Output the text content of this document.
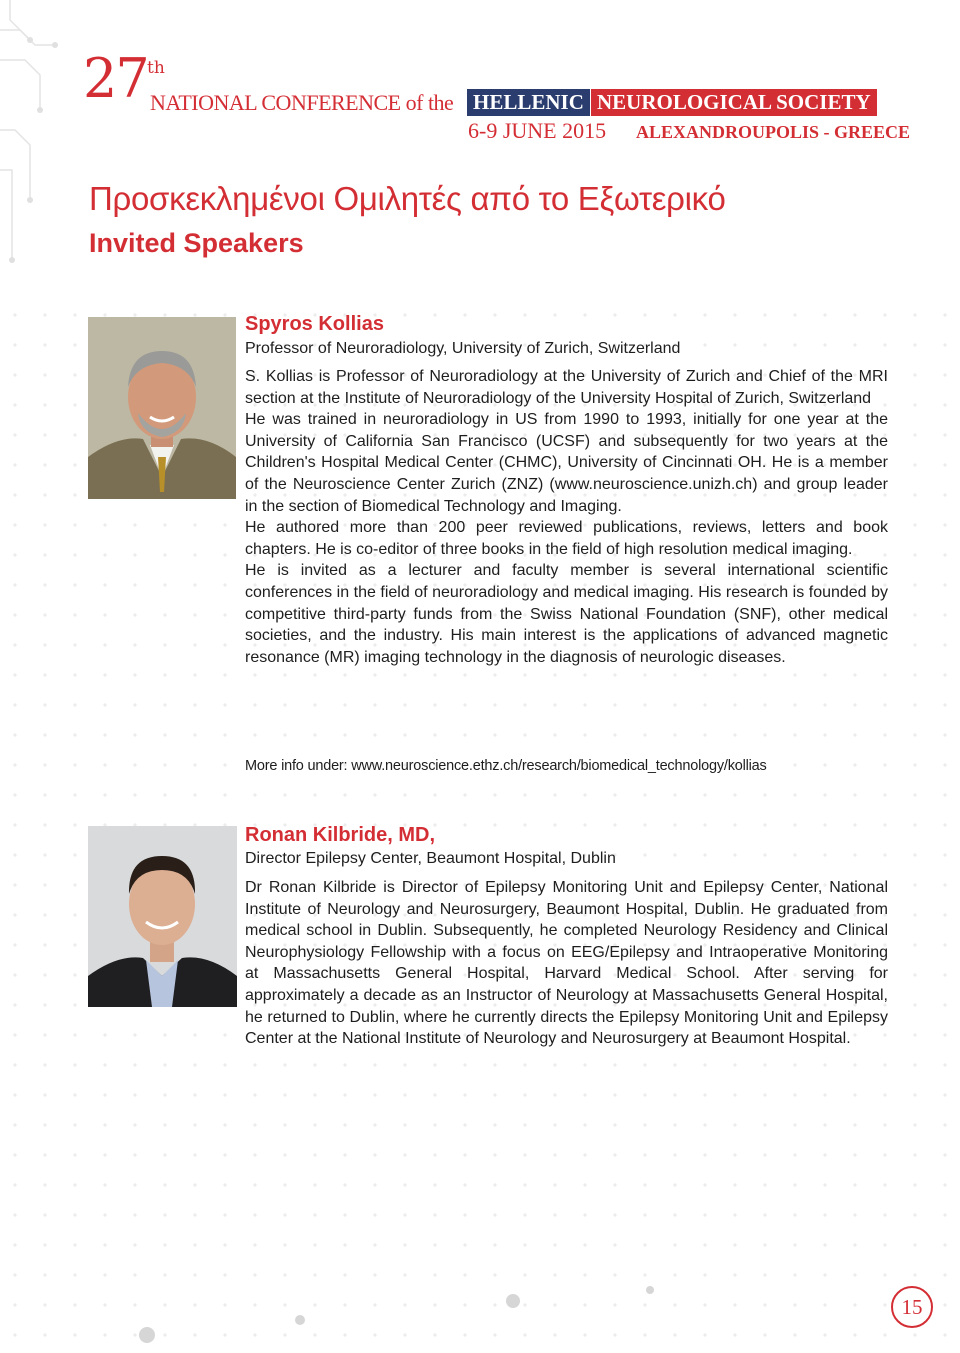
27 th
NATIONAL CONFERENCE of the HELLENIC NEUROLOGICAL SOCIETY
6-9 JUNE 2015 ALEXANDROUPOLIS - GREECE
Προσκεκλημένοι Ομιλητές από το Εξωτερικό
Invited Speakers
Spyros Kollias
Professor of Neuroradiology, University of Zurich, Switzerland

S. Kollias is Professor of Neuroradiology at the University of Zurich and Chief of the MRI section at the Institute of Neuroradiology of the University Hospital of Zurich, Switzerland

He was trained in neuroradiology in US from 1990 to 1993, initially for one year at the University of California San Francisco (UCSF) and subsequently for two years at the Children's Hospital Medical Center (CHMC), University of Cincinnati OH. He is a member of the Neuroscience Center Zurich (ZNZ) (www.neuroscience.unizh.ch) and group leader in the section of Biomedical Technology and Imaging.

He authored more than 200 peer reviewed publications, reviews, letters and book chapters. He is co-editor of three books in the field of high resolution medical imaging.

He is invited as a lecturer and faculty member is several international scientific conferences in the field of neuroradiology and medical imaging. His research is founded by competitive third-party funds from the Swiss National Foundation (SNF), other medical societies, and the industry. His main interest is the applications of advanced magnetic resonance (MR) imaging technology in the diagnosis of neurologic diseases.

More info under: www.neuroscience.ethz.ch/research/biomedical_technology/kollias
Ronan Kilbride, MD,
Director Epilepsy Center, Beaumont Hospital, Dublin

Dr Ronan Kilbride is Director of Epilepsy Monitoring Unit and Epilepsy Center, National Institute of Neurology and Neurosurgery, Beaumont Hospital, Dublin. He graduated from medical school in Dublin. Subsequently, he completed Neurology Residency and Clinical Neurophysiology Fellowship with a focus on EEG/Epilepsy and Intraoperative Monitoring at Massachusetts General Hospital, Harvard Medical School. After serving for approximately a decade as an Instructor of Neurology at Massachusetts General Hospital, he returned to Dublin, where he currently directs the Epilepsy Monitoring Unit and Epilepsy Center at the National Institute of Neurology and Neurosurgery at Beaumont Hospital.

15
